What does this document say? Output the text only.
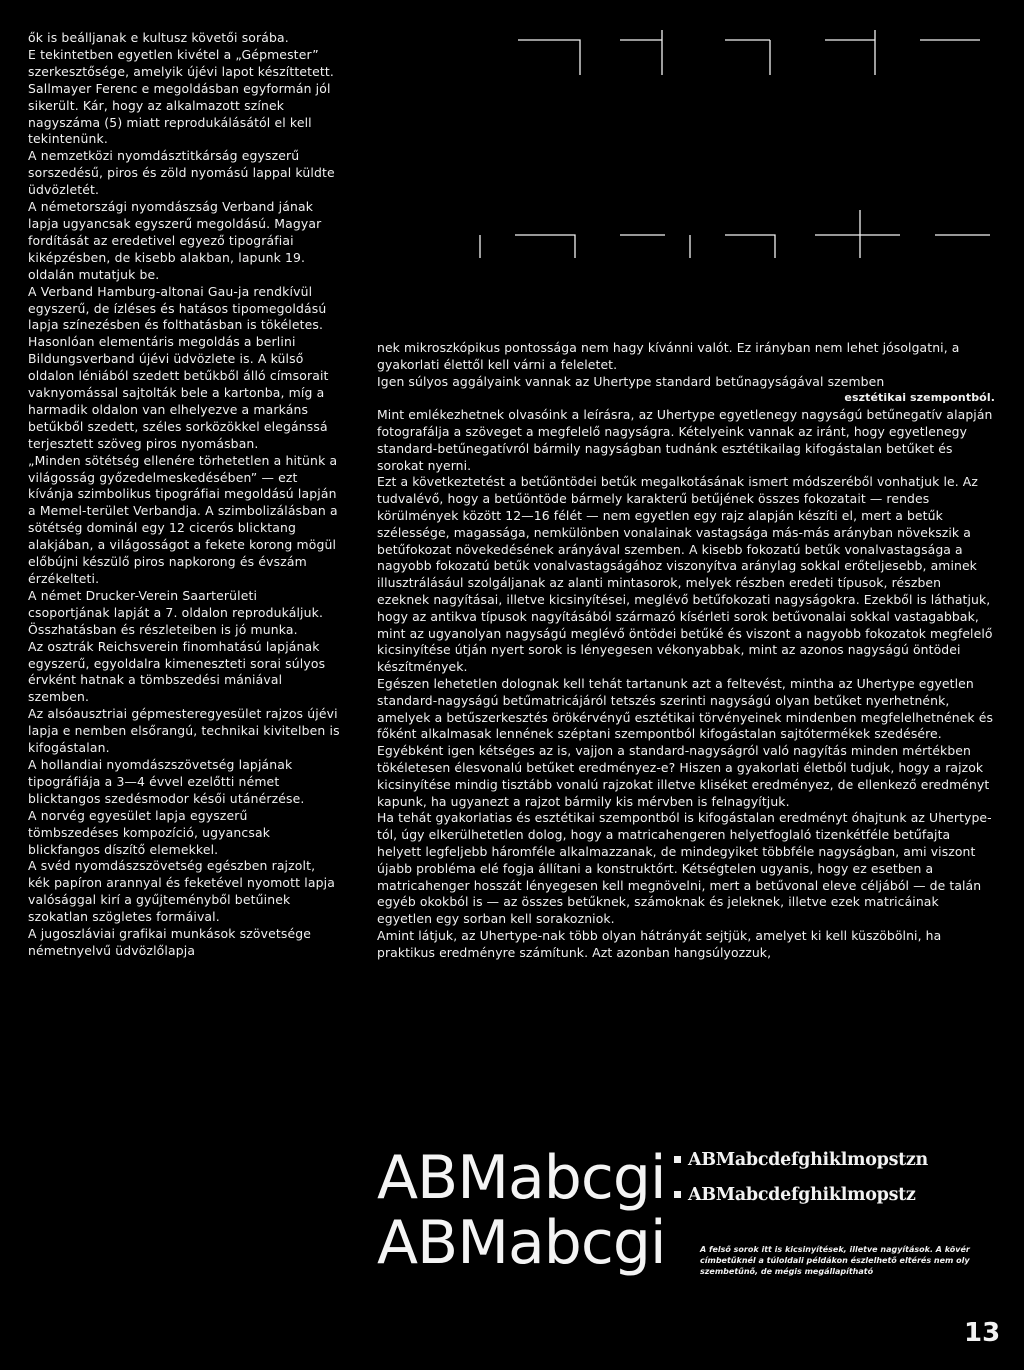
ők is beálljanak e kultusz követői sorába.

E tekintetben egyetlen kivétel a „Gépmester” szerkesztősége, amelyik újévi lapot készíttetett. Sallmayer Ferenc e megoldásban egyformán jól sikerült. Kár, hogy az alkalmazott színek nagyszáma (5) miatt reprodukálásától el kell tekintenünk.

A nemzetközi nyomdásztitkárság egyszerű sorszedésű, piros és zöld nyomású lappal küldte üdvözletét.

A németországi nyomdászság Verband jának lapja ugyancsak egyszerű megoldású. Magyar fordítását az eredetivel egyező tipográfiai kiképzésben, de kisebb alakban, lapunk 19. oldalán mutatjuk be.

A Verband Hamburg-altonai Gau-ja rendkívül egyszerű, de ízléses és hatásos tipomegoldású lapja színezésben és folthatásban is tökéletes.

Hasonlóan elementáris megoldás a berlini Bildungsverband újévi üdvözlete is. A külső oldalon léniából szedett betűkből álló címsorait vaknyomással sajtolták bele a kartonba, míg a harmadik oldalon van elhelyezve a markáns betűkből szedett, széles sorközökkel elegánssá terjesztett szöveg piros nyomásban.

„Minden sötétség ellenére törhetetlen a hitünk a világosság győzedelmeskedésében” — ezt kívánja szimbolikus tipográfiai megoldású lapján a Memel-terület Verbandja. A szimbolizálásban a sötétség dominál egy 12 cicerós blicktang alakjában, a világosságot a fekete korong mögül előbújni készülő piros napkorong és évszám érzékelteti.

A német Drucker-Verein Saarterületi csoportjának lapját a 7. oldalon reprodukáljuk. Összhatásban és részleteiben is jó munka.

Az osztrák Reichsverein finomhatású lapjának egyszerű, egyoldalra kimeneszteti sorai súlyos érvként hatnak a tömbszedési mániával szemben.

Az alsóausztriai gépmesteregyesület rajzos újévi lapja e nemben elsőrangú, technikai kivitelben is kifogástalan.

A hollandiai nyomdászszövetség lapjának tipográfiája a 3—4 évvel ezelőtti német blicktangos szedésmodor késői utánérzése.

A norvég egyesület lapja egyszerű tömbszedéses kompozíció, ugyancsak blickfangos díszítő elemekkel.

A svéd nyomdászszövetség egészben rajzolt, kék papíron arannyal és feketével nyomott lapja valósággal kirí a gyűjteményből betűinek szokatlan szögletes formáival.

A jugoszláviai grafikai munkások szövetsége németnyelvű üdvözlőlapja

nek mikroszkópikus pontossága nem hagy kívánni valót. Ez irányban nem lehet jósolgatni, a gyakorlati élettől kell várni a feleletet.

Igen súlyos aggályaink vannak az Uhertype standard betűnagyságával szemben

esztétikai szempontból.

Mint emlékezhetnek olvasóink a leírásra, az Uhertype egyetlenegy nagyságú betűnegatív alapján fotografálja a szöveget a megfelelő nagyságra. Kételyeink vannak az iránt, hogy egyetlenegy standard-betűnegatívról bármily nagyságban tudnánk esztétikailag kifogástalan betűket és sorokat nyerni.

Ezt a következtetést a betűöntödei betűk megalkotásának ismert módszeréből vonhatjuk le. Az tudvalévő, hogy a betűöntöde bármely karakterű betűjének összes fokozatait — rendes körülmények között 12—16 félét — nem egyetlen egy rajz alapján készíti el, mert a betűk szélessége, magassága, nemkülönben vonalainak vastagsága más-más arányban növekszik a betűfokozat növekedésének arányával szemben. A kisebb fokozatú betűk vonalvastagsága a nagyobb fokozatú betűk vonalvastagságához viszonyítva aránylag sokkal erőteljesebb, aminek illusztrálásául szolgáljanak az alanti mintasorok, melyek részben eredeti típusok, részben ezeknek nagyításai, illetve kicsinyítései, meglévő betűfokozati nagyságokra. Ezekből is láthatjuk, hogy az antikva típusok nagyításából származó kísérleti sorok betűvonalai sokkal vastagabbak, mint az ugyanolyan nagyságú meglévő öntödei betűké és viszont a nagyobb fokozatok megfelelő kicsinyítése útján nyert sorok is lényegesen vékonyabbak, mint az azonos nagyságú öntödei készítmények.

Egészen lehetetlen dolognak kell tehát tartanunk azt a feltevést, mintha az Uhertype egyetlen standard-nagyságú betűmatricájáról tetszés szerinti nagyságú olyan betűket nyerhetnénk, amelyek a betűszerkesztés örökérvényű esztétikai törvényeinek mindenben megfelelhetnének és főként alkalmasak lennének széptani szempontból kifogástalan sajtótermékek szedésére. Egyébként igen kétséges az is, vajjon a standard-nagyságról való nagyítás minden mértékben tökéletesen élesvonalú betűket eredményez-e? Hiszen a gyakorlati életből tudjuk, hogy a rajzok kicsinyítése mindig tisztább vonalú rajzokat illetve kliséket eredményez, de ellenkező eredményt kapunk, ha ugyanezt a rajzot bármily kis mérvben is felnagyítjuk.

Ha tehát gyakorlatias és esztétikai szempontból is kifogástalan eredményt óhajtunk az Uhertype-tól, úgy elkerülhetetlen dolog, hogy a matricahengeren helyetfoglaló tizenkétféle betűfajta helyett legfeljebb háromféle alkalmazzanak, de mindegyiket többféle nagyságban, ami viszont újabb probléma elé fogja állítani a konstruktőrt. Kétségtelen ugyanis, hogy ez esetben a matricahenger hosszát lényegesen kell megnövelni, mert a betűvonal eleve céljából — de talán egyéb okokból is — az összes betűknek, számoknak és jeleknek, illetve ezek matricáinak egyetlen egy sorban kell sorakozniok.

Amint látjuk, az Uhertype-nak több olyan hátrányát sejtjük, amelyet ki kell küszöbölni, ha praktikus eredményre számítunk. Azt azonban hangsúlyozzuk,

ABMabcgi
ABMabcgi
ABMabcdefghiklmopstzn
ABMabcdefghiklmopstz
A felső sorok itt is kicsinyítések, illetve nagyítások. A kövér címbetűknél a túloldali példákon észlelhető eltérés nem oly szembetűnő, de mégis megállapítható
13
